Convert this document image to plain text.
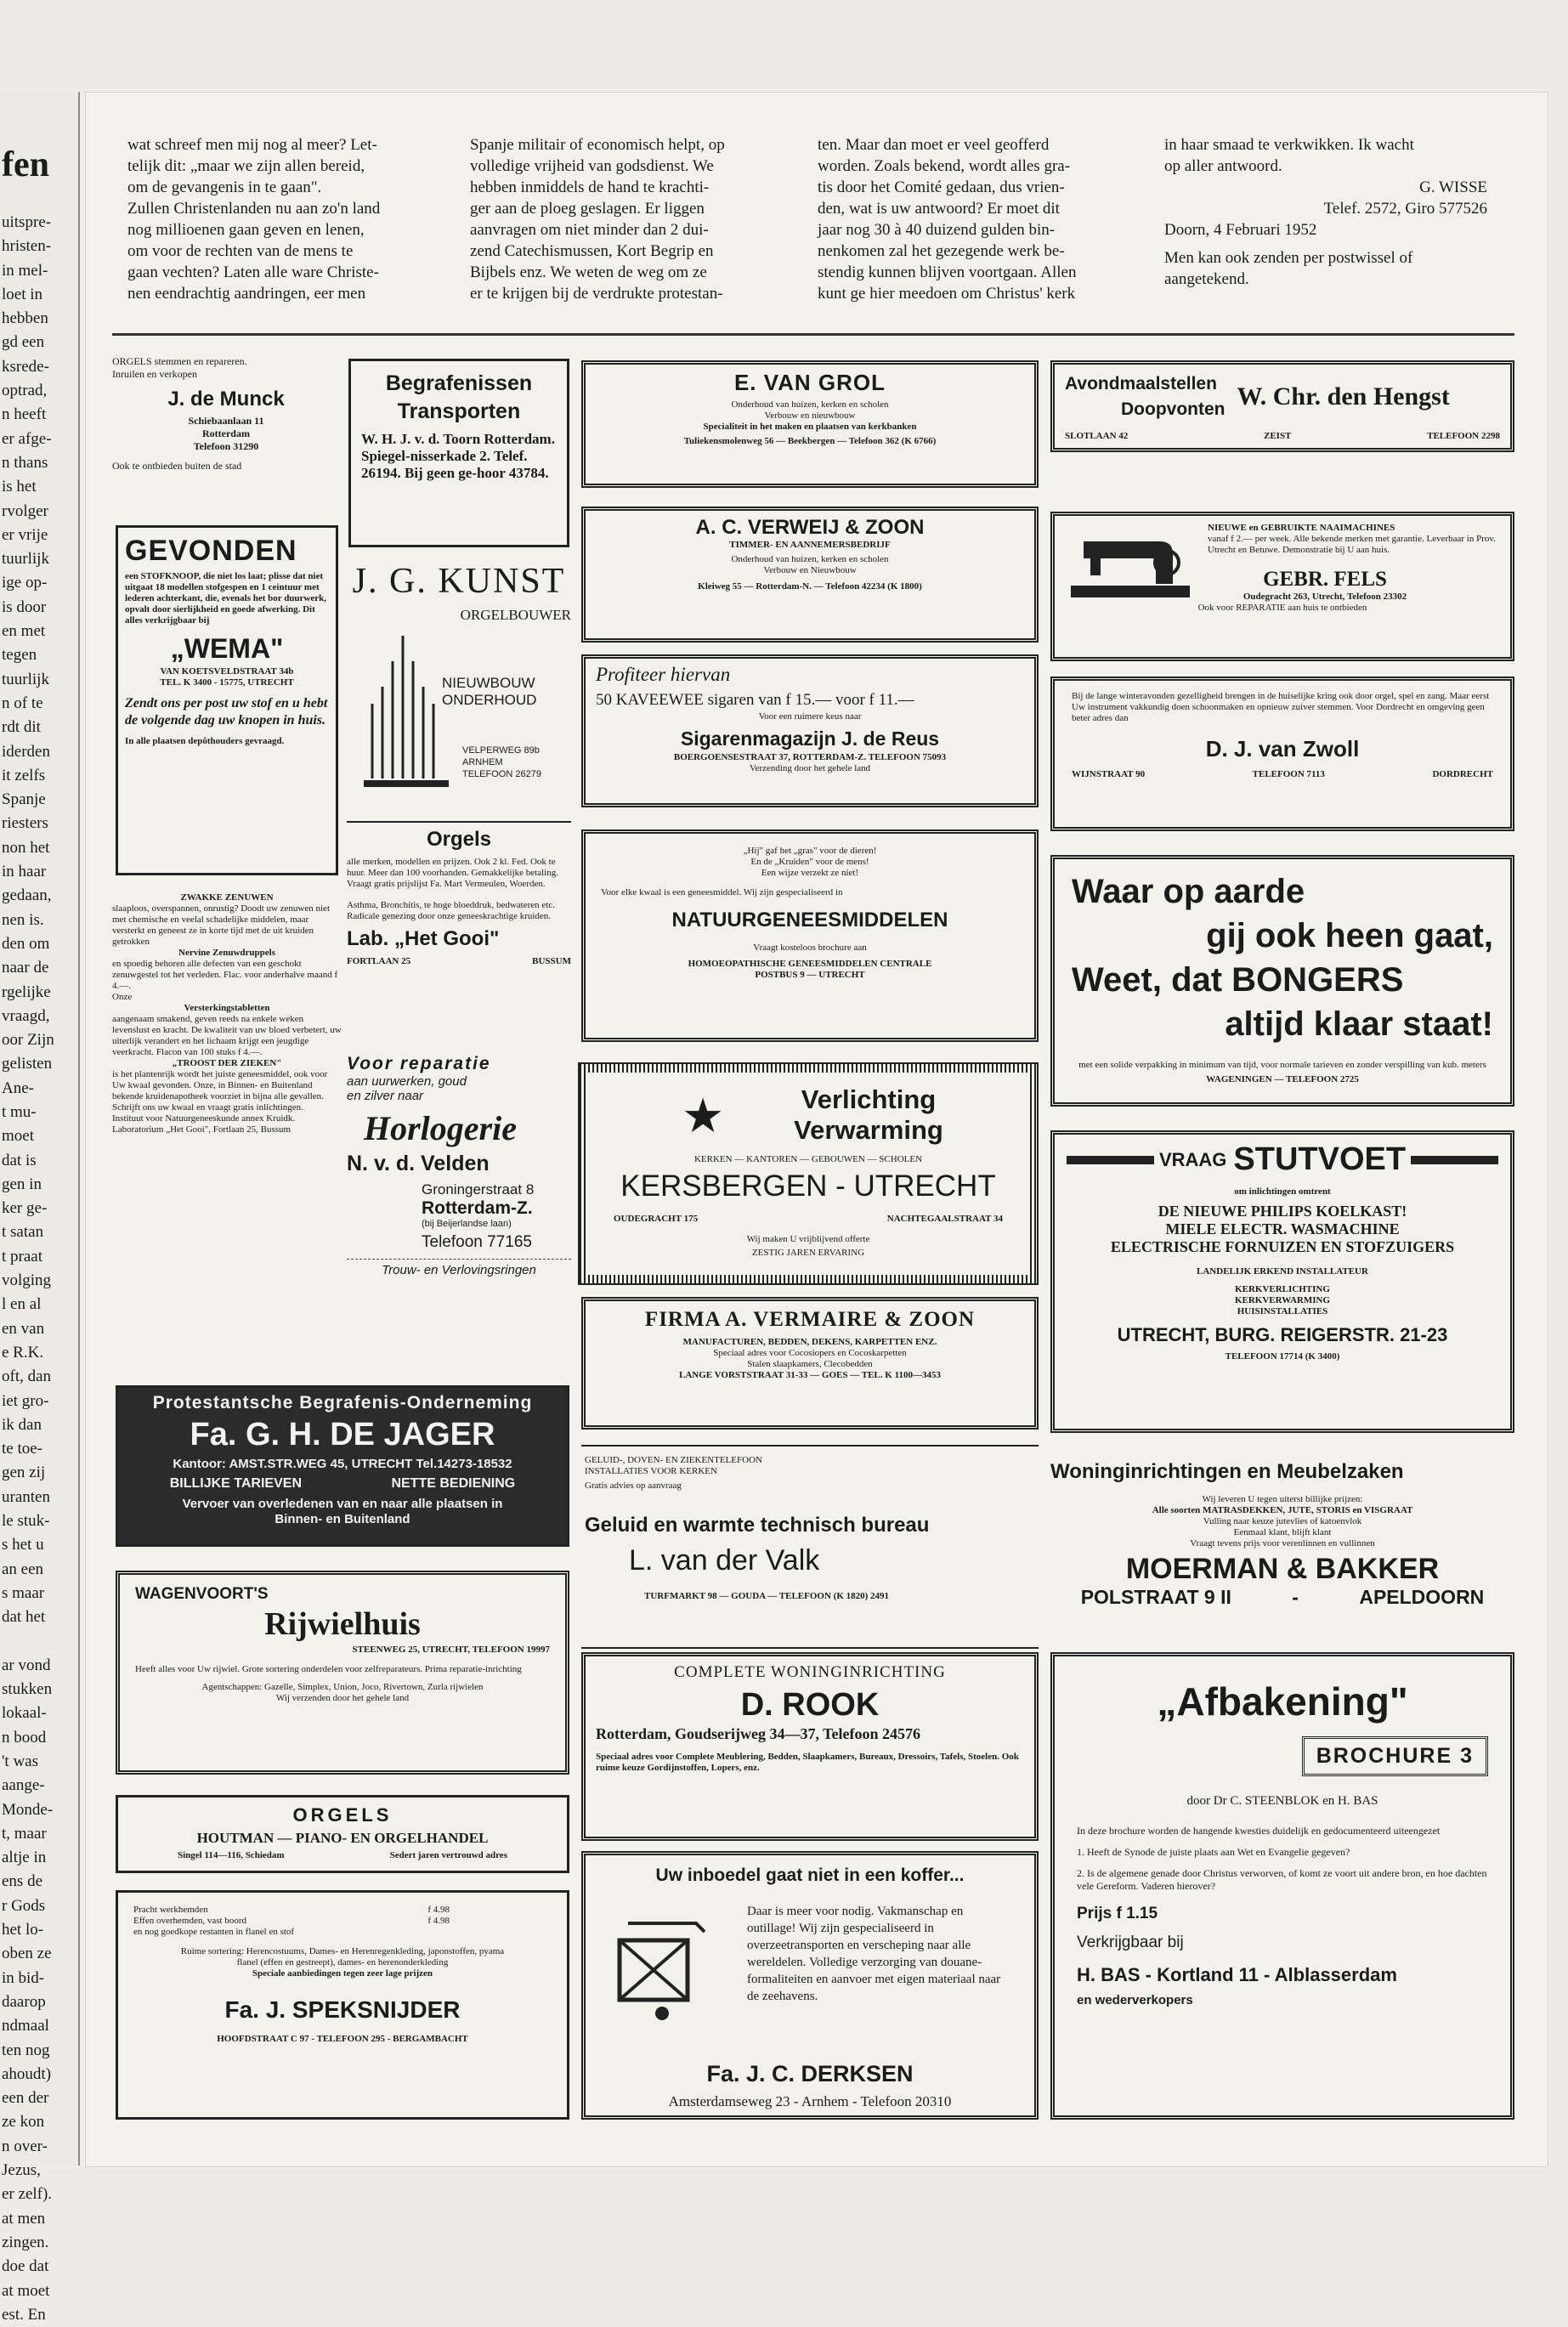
fen
uitspre-
hristen-
in mel-
loet in
hebben
gd een
ksrede-
optrad,
n heeft
er afge-
n thans
is het
rvolger
er vrije
tuurlijk
ige op-
is door
en met
tegen
tuurlijk
n of te
rdt dit
iderden
it zelfs
Spanje
riesters
non het
in haar
gedaan,
nen is.
den om
naar de
rgelijke
vraagd,
oor Zijn
gelisten
Ane-
t mu-
moet
dat is
gen in
ker ge-
t satan
t praat
volging
l en al
en van
e R.K.
oft, dan
iet gro-
ik dan
te toe-
gen zij
uranten
le stuk-
s het u
an een
s maar
dat het

ar vond
stukken
lokaal-
n bood
't was
aange-
Monde-
t, maar
altje in
ens de
r Gods
het lo-
oben ze
in bid-
daarop
ndmaal
ten nog
ahoudt)
een der
ze kon
n over-
Jezus,
er zelf).
at men
zingen.
doe dat
at moet
est. En
wat schreef men mij nog al meer? Let-
telijk dit: „maar we zijn allen bereid,
om de gevangenis in te gaan".
Zullen Christenlanden nu aan zo'n land
nog millioenen gaan geven en lenen,
om voor de rechten van de mens te
gaan vechten? Laten alle ware Christe-
nen eendrachtig aandringen, eer men
Spanje militair of economisch helpt, op
volledige vrijheid van godsdienst. We
hebben inmiddels de hand te krachti-
ger aan de ploeg geslagen. Er liggen
aanvragen om niet minder dan 2 dui-
zend Catechismussen, Kort Begrip en
Bijbels enz. We weten de weg om ze
er te krijgen bij de verdrukte protestan-
ten. Maar dan moet er veel geofferd
worden. Zoals bekend, wordt alles gra-
tis door het Comité gedaan, dus vrien-
den, wat is uw antwoord? Er moet dit
jaar nog 30 à 40 duizend gulden bin-
nenkomen zal het gezegende werk be-
stendig kunnen blijven voortgaan. Allen
kunt ge hier meedoen om Christus' kerk
in haar smaad te verkwikken. Ik wacht
op aller antwoord.
G. WISSE
Telef. 2572, Giro 577526
Doorn, 4 Februari 1952
Men kan ook zenden per postwissel of
aangetekend.
ORGELS stemmen en repareren.
Inruilen en verkopen
J. de Munck
Schiebaanlaan 11
Rotterdam
Telefoon 31290
Ook te ontbieden buiten de stad
GEVONDEN
een STOFKNOOP, die niet los laat; plisse dat niet uitgaat 18 modellen stofgespen en 1 ceintuur met lederen achterkant, die, evenals het bor duurwerk, opvalt door sierlijkheid en goede afwerking. Dit alles verkrijgbaar bij
„WEMA"
VAN KOETSVELDSTRAAT 34b
TEL. K 3400 - 15775, UTRECHT
Zendt ons per post uw stof en u hebt de volgende dag uw knopen in huis.
In alle plaatsen depôthouders gevraagd.
ZWAKKE ZENUWEN
slaaploos, overspannen, onrustig? Doodt uw zenuwen niet met chemische en veelal schadelijke middelen, maar versterkt en geneest ze in korte tijd met de uit kruiden getrokken
Nervine Zenuwdruppels
en spoedig behoren alle defecten van een geschokt zenuwgestel tot het verleden. Flac. voor anderhalve maand f 4.—.
Onze
Versterkingstabletten
aangenaam smakend, geven reeds na enkele weken levenslust en kracht. De kwaliteit van uw bloed verbetert, uw uiterlijk verandert en het lichaam krijgt een jeugdige veerkracht. Flacon van 100 stuks f 4.—.
„TROOST DER ZIEKEN"
is het plantenrijk wordt het juiste geneesmiddel, ook voor Uw kwaal gevonden. Onze, in Binnen- en Buitenland bekende kruidenapotheek voorziet in bijna alle gevallen. Schrijft ons uw kwaal en vraagt gratis inlichtingen.
Instituut voor Natuurgeneeskunde annex Kruidk. Laboratorium „Het Gooi", Fortlaan 25, Bussum
Protestantsche Begrafenis-Onderneming
Fa. G. H. DE JAGER
Kantoor: AMST.STR.WEG 45, UTRECHT Tel.14273-18532
BILLIJKE TARIEVEN	NETTE BEDIENING
Vervoer van overledenen van en naar alle plaatsen in Binnen- en Buitenland
WAGENVOORT'S
Rijwielhuis
STEENWEG 25, UTRECHT, TELEFOON 19997
Heeft alles voor Uw rijwiel. Grote sortering onderdelen voor zelfreparateurs. Prima reparatie-inrichting
Agentschappen: Gazelle, Simplex, Union, Joco, Rivertown, Zurla rijwielen
Wij verzenden door het gehele land
ORGELS
HOUTMAN — PIANO- EN ORGELHANDEL
Singel 114—116, Schiedam	Sedert jaren vertrouwd adres
Pracht werkhemden	f 4.98
Effen overhemden, vast boord	f 4.98
en nog goedkope restanten in flanel en stof
Ruime sortering: Herencostuums, Dames- en Herenregenkleding, japonstoffen, pyama flanel (effen en gestreept), dames- en herenonderkleding
Speciale aanbiedingen tegen zeer lage prijzen
Fa. J. SPEKSNIJDER
HOOFDSTRAAT C 97 - TELEFOON 295 - BERGAMBACHT
Begrafenissen
Transporten
W. H. J. v. d. Toorn Rotterdam. Spiegel-nisserkade 2. Telef. 26194. Bij geen ge-hoor 43784.
J. G. KUNST
ORGELBOUWER
NIEUWBOUW
ONDERHOUD
VELPERWEG 89b
ARNHEM
TELEFOON 26279
Orgels
alle merken, modellen en prijzen. Ook 2 kl. Fed. Ook te huur. Meer dan 100 voorhanden. Gemakkelijke betaling. Vraagt gratis prijslijst Fa. Mart Vermeulen, Woerden.
Asthma, Bronchitis, te hoge bloeddruk, bedwateren etc. Radicale genezing door onze geneeskrachtige kruiden.
Lab. „Het Gooi"
FORTLAAN 25	BUSSUM
Voor reparatie
aan uurwerken, goud
en zilver naar
Horlogerie
N. v. d. Velden
Groningerstraat 8
Rotterdam-Z.
(bij Beijerlandse laan)
Telefoon 77165
Trouw- en Verlovingsringen
E. VAN GROL
Onderhoud van huizen, kerken en scholen
Verbouw en nieuwbouw
Specialiteit in het maken en plaatsen van kerkbanken
Tuliekensmolenweg 56 — Beekbergen — Telefoon 362 (K 6766)
A. C. VERWEIJ & ZOON
TIMMER- EN AANNEMERSBEDRIJF
Onderhoud van huizen, kerken en scholen
Verbouw en Nieuwbouw
Kleiweg 55 — Rotterdam-N. — Telefoon 42234 (K 1800)
Profiteer hiervan
50 KAVEEWEE sigaren van f 15.— voor f 11.—
Voor een ruimere keus naar
Sigarenmagazijn J. de Reus
BOERGOENSESTRAAT 37, ROTTERDAM-Z. TELEFOON 75093
Verzending door het gehele land
„Hij" gaf het „gras" voor de dieren!
En de „Kruiden" voor de mens!
Een wijze verzekt ze niet!
Voor elke kwaal is een geneesmiddel. Wij zijn gespecialiseerd in
NATUURGENEESMIDDELEN
Vraagt kosteloos brochure aan
HOMOEOPATHISCHE GENEESMIDDELEN CENTRALE
POSTBUS 9 — UTRECHT
★	Verlichting
Verwarming
KERKEN — KANTOREN — GEBOUWEN — SCHOLEN
KERSBERGEN - UTRECHT
OUDEGRACHT 175	NACHTEGAALSTRAAT 34
Wij maken U vrijblijvend offerte
ZESTIG JAREN ERVARING
FIRMA A. VERMAIRE & ZOON
MANUFACTUREN, BEDDEN, DEKENS, KARPETTEN ENZ.
Speciaal adres voor Cocosiopers en Cocoskarpetten
Stalen slaapkamers, Clecobedden
LANGE VORSTSTRAAT 31-33 — GOES — TEL. K 1100—3453
GELUID-, DOVEN- EN ZIEKENTELEFOON
INSTALLATIES VOOR KERKEN
Gratis advies op aanvraag
Geluid en warmte technisch bureau
L. van der Valk
TURFMARKT 98 — GOUDA — TELEFOON (K 1820) 2491
COMPLETE WONINGINRICHTING
D. ROOK
Rotterdam, Goudserijweg 34—37, Telefoon 24576
Speciaal adres voor Complete Meublering, Bedden, Slaapkamers, Bureaux, Dressoirs, Tafels, Stoelen. Ook ruime keuze Gordijnstoffen, Lopers, enz.
Uw inboedel gaat niet in een koffer...
Daar is meer voor nodig. Vakmanschap en outillage! Wij zijn gespecialiseerd in overzeetransporten en verscheping naar alle wereldelen. Volledige verzorging van douane-formaliteiten en aanvoer met eigen materiaal naar de zeehavens.
Fa. J. C. DERKSEN
Amsterdamseweg 23 - Arnhem - Telefoon 20310
Avondmaalstellen
Doopvonten W. Chr. den Hengst
SLOTLAAN 42	ZEIST	TELEFOON 2298
NIEUWE en GEBRUIKTE NAAIMACHINES
vanaf f 2.— per week. Alle bekende merken met garantie. Leverbaar in Prov. Utrecht en Betuwe. Demonstratie bij U aan huis.
GEBR. FELS
Oudegracht 263, Utrecht, Telefoon 23302
Ook voor REPARATIE aan huis te ontbieden
Bij de lange winteravonden gezelligheid brengen in de huiselijke kring ook door orgel, spel en zang. Maar eerst Uw instrument vakkundig doen schoonmaken en opnieuw zuiver stemmen. Voor Dordrecht en omgeving geen beter adres dan
D. J. van Zwoll
WIJNSTRAAT 90	TELEFOON 7113	DORDRECHT
Waar op aarde
gij ook heen gaat,
Weet, dat BONGERS
altijd klaar staat!
met een solide verpakking in minimum van tijd, voor normale tarieven en zonder verspilling van kub. meters
WAGENINGEN — TELEFOON 2725
VRAAG STUTVOET
om inlichtingen omtrent
DE NIEUWE PHILIPS KOELKAST!
MIELE ELECTR. WASMACHINE
ELECTRISCHE FORNUIZEN EN STOFZUIGERS
LANDELIJK ERKEND INSTALLATEUR
KERKVERLICHTING
KERKVERWARMING
HUISINSTALLATIES
UTRECHT, BURG. REIGERSTR. 21-23
TELEFOON 17714 (K 3400)
Woninginrichtingen en Meubelzaken
Wij leveren U tegen uiterst billijke prijzen:
Alle soorten MATRASDEKKEN, JUTE, STORIS en VISGRAAT
Vulling naar keuze jutevlies of katoenvlok
Eenmaal klant, blijft klant
Vraagt tevens prijs voor verenlinnen en vullinnen
MOERMAN & BAKKER
POLSTRAAT 9 II	-	APELDOORN
„Afbakening"
BROCHURE 3
door Dr C. STEENBLOK en H. BAS
In deze brochure worden de hangende kwesties duidelijk en gedocumenteerd uiteengezet
1. Heeft de Synode de juiste plaats aan Wet en Evangelie gegeven?
2. Is de algemene genade door Christus verworven, of komt ze voort uit andere bron, en hoe dachten vele Gereform. Vaderen hierover?
Prijs f 1.15
Verkrijgbaar bij
H. BAS - Kortland 11 - Alblasserdam
en wederverkopers
